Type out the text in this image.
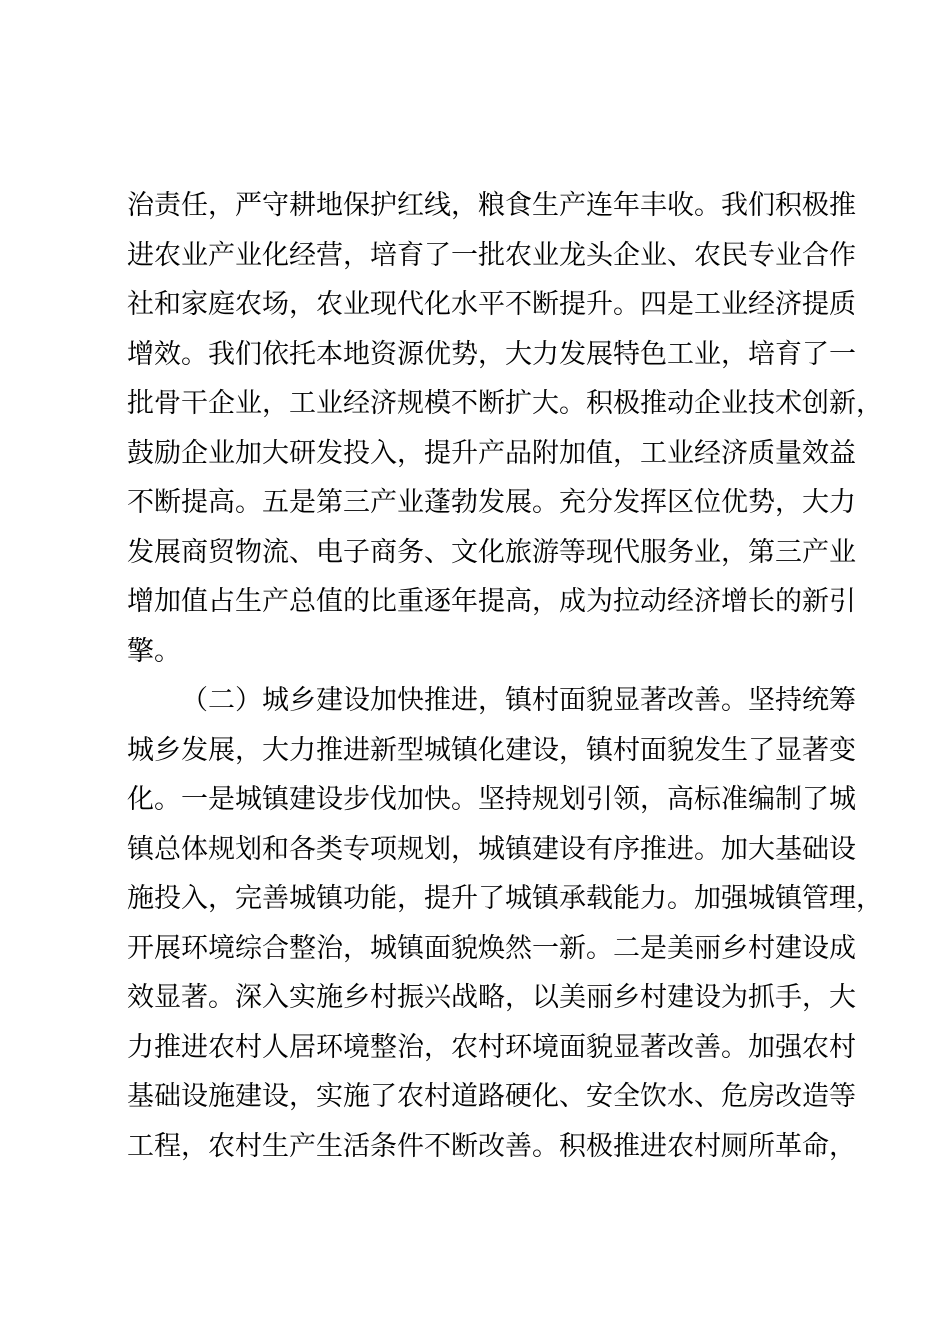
治责任，严守耕地保护红线，粮食生产连年丰收。我们积极推
进农业产业化经营，培育了一批农业龙头企业、农民专业合作
社和家庭农场，农业现代化水平不断提升。四是工业经济提质
增效。我们依托本地资源优势，大力发展特色工业，培育了一
批骨干企业，工业经济规模不断扩大。积极推动企业技术创新，
鼓励企业加大研发投入，提升产品附加值，工业经济质量效益
不断提高。五是第三产业蓬勃发展。充分发挥区位优势，大力
发展商贸物流、电子商务、文化旅游等现代服务业，第三产业
增加值占生产总值的比重逐年提高，成为拉动经济增长的新引
擎。
（二）城乡建设加快推进，镇村面貌显著改善。坚持统筹
城乡发展，大力推进新型城镇化建设，镇村面貌发生了显著变
化。一是城镇建设步伐加快。坚持规划引领，高标准编制了城
镇总体规划和各类专项规划，城镇建设有序推进。加大基础设
施投入，完善城镇功能，提升了城镇承载能力。加强城镇管理，
开展环境综合整治，城镇面貌焕然一新。二是美丽乡村建设成
效显著。深入实施乡村振兴战略，以美丽乡村建设为抓手，大
力推进农村人居环境整治，农村环境面貌显著改善。加强农村
基础设施建设，实施了农村道路硬化、安全饮水、危房改造等
工程，农村生产生活条件不断改善。积极推进农村厕所革命，
